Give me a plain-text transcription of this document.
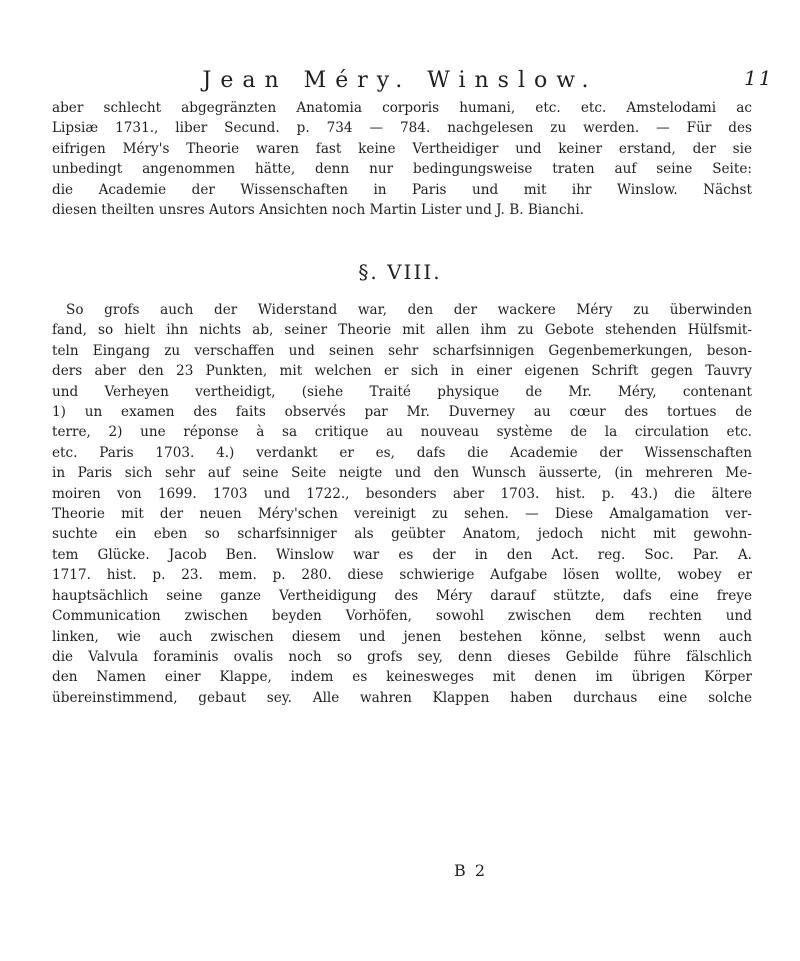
Jean Méry. Winslow.	11
aber schlecht abgegränzten Anatomia corporis humani, etc. etc. Amstelodami ac
Lipsiæ 1731., liber Secund. p. 734 — 784. nachgelesen zu werden. — Für des
eifrigen Méry's Theorie waren fast keine Vertheidiger und keiner erstand, der sie
unbedingt angenommen hätte, denn nur bedingungsweise traten auf seine Seite:
die Academie der Wissenschaften in Paris und mit ihr Winslow. Nächst
diesen theilten unsres Autors Ansichten noch Martin Lister und J. B. Bianchi.
§. VIII.
So grofs auch der Widerstand war, den der wackere Méry zu überwinden
fand, so hielt ihn nichts ab, seiner Theorie mit allen ihm zu Gebote stehenden Hülfsmit-
teln Eingang zu verschaffen und seinen sehr scharfsinnigen Gegenbemerkungen, beson-
ders aber den 23 Punkten, mit welchen er sich in einer eigenen Schrift gegen Tauvry
und Verheyen vertheidigt, (siehe Traité physique de Mr. Méry, contenant
1) un examen des faits observés par Mr. Duverney au cœur des tortues de
terre, 2) une réponse à sa critique au nouveau système de la circulation etc.
etc. Paris 1703. 4.) verdankt er es, dafs die Academie der Wissenschaften
in Paris sich sehr auf seine Seite neigte und den Wunsch äusserte, (in mehreren Me-
moiren von 1699. 1703 und 1722., besonders aber 1703. hist. p. 43.) die ältere
Theorie mit der neuen Méry'schen vereinigt zu sehen. — Diese Amalgamation ver-
suchte ein eben so scharfsinniger als geübter Anatom, jedoch nicht mit gewohn-
tem Glücke. Jacob Ben. Winslow war es der in den Act. reg. Soc. Par. A.
1717. hist. p. 23. mem. p. 280. diese schwierige Aufgabe lösen wollte, wobey er
hauptsächlich seine ganze Vertheidigung des Méry darauf stützte, dafs eine freye
Communication zwischen beyden Vorhöfen, sowohl zwischen dem rechten und
linken, wie auch zwischen diesem und jenen bestehen könne, selbst wenn auch
die Valvula foraminis ovalis noch so grofs sey, denn dieses Gebilde führe fälschlich
den Namen einer Klappe, indem es keinesweges mit denen im übrigen Körper
übereinstimmend, gebaut sey. Alle wahren Klappen haben durchaus eine solche
B 2
